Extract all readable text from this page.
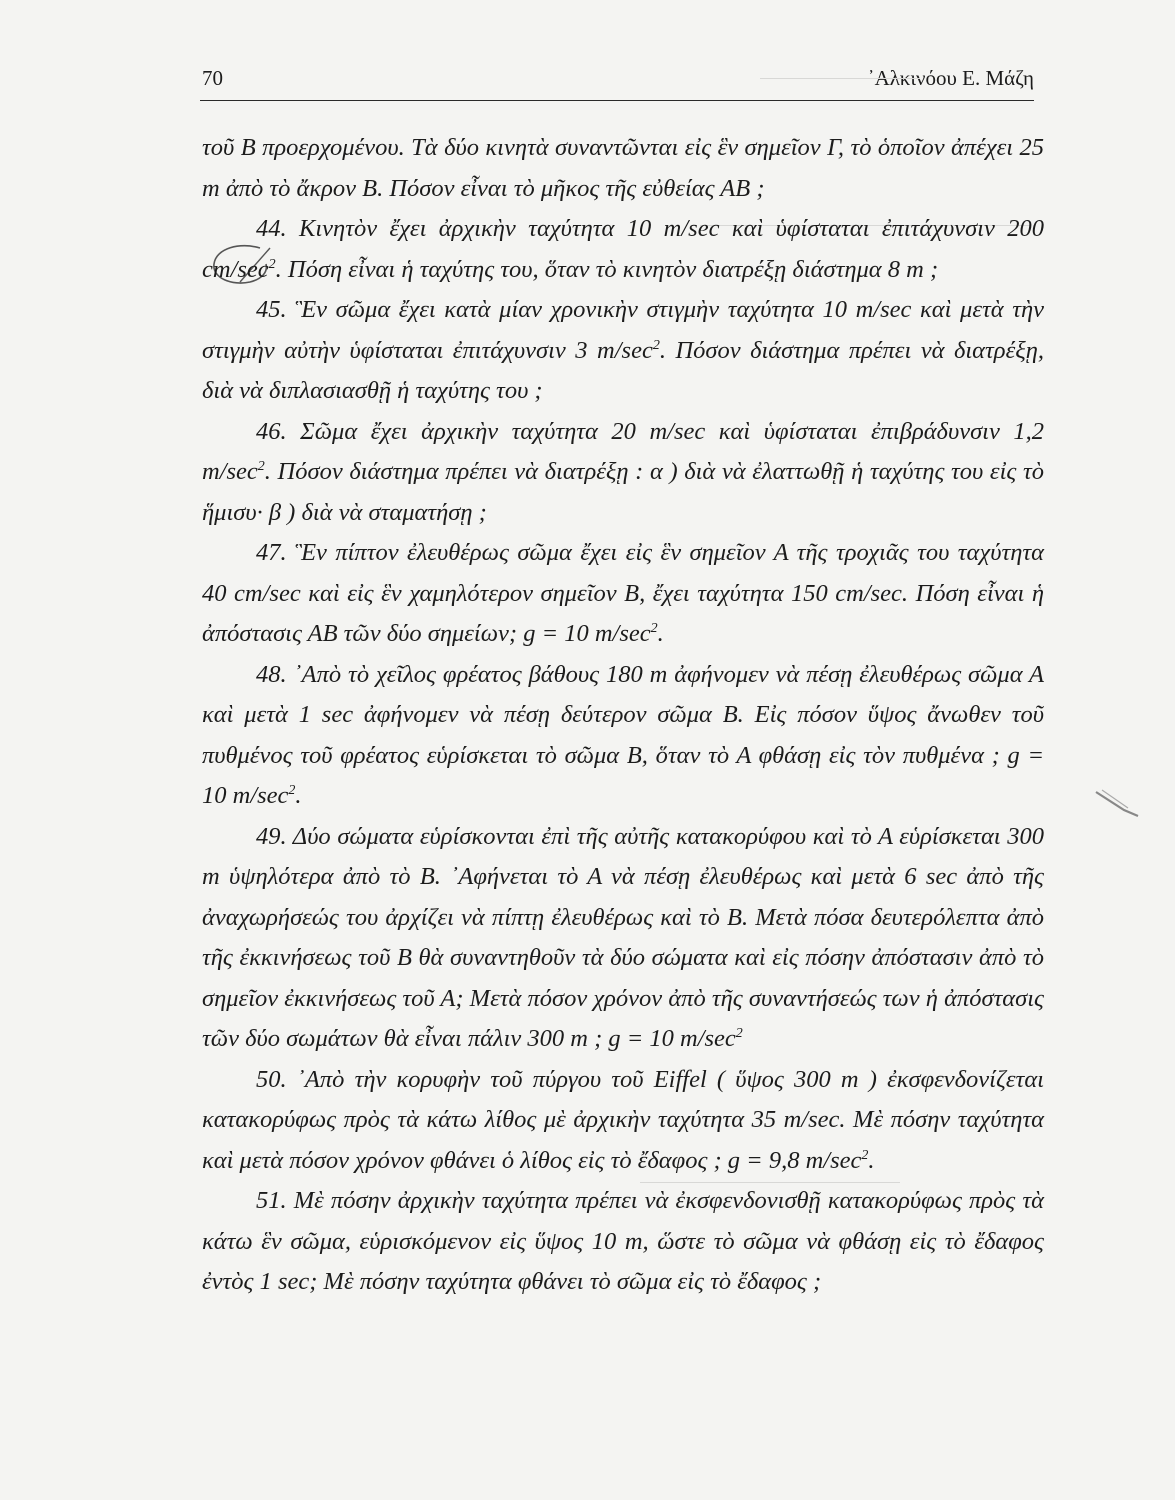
70	᾿Αλκινόου Ε. Μάζη

τοῦ Β προερχομένου. Τὰ δύο κινητὰ συναντῶνται εἰς ἓν σημεῖον Γ, τὸ ὁποῖον ἀπέχει 25 m ἀπὸ τὸ ἄκρον Β. Πόσον εἶναι τὸ μῆκος τῆς εὐθείας ΑΒ ;

44. Κινητὸν ἔχει ἀρχικὴν ταχύτητα 10 m/sec καὶ ὑφίσταται ἐπιτάχυνσιν 200 $cm/\sec^2$. Πόση εἶναι ἡ ταχύτης του, ὅταν τὸ κινητὸν διατρέξῃ διάστημα 8 m ;

45. Ἓν σῶμα ἔχει κατὰ μίαν χρονικὴν στιγμὴν ταχύτητα 10 m/sec καὶ μετὰ τὴν στιγμὴν αὐτὴν ὑφίσταται ἐπιτάχυνσιν 3 $m/\sec^2$. Πόσον διάστημα πρέπει νὰ διατρέξῃ, διὰ νὰ διπλασιασθῇ ἡ ταχύτης του ;

46. Σῶμα ἔχει ἀρχικὴν ταχύτητα 20 m/sec καὶ ὑφίσταται ἐπιβράδυνσιν 1,2 $m/\sec^2$. Πόσον διάστημα πρέπει νὰ διατρέξῃ : α ) διὰ νὰ ἐλαττωθῇ ἡ ταχύτης του εἰς τὸ ἥμισυ· β ) διὰ νὰ σταματήσῃ ;

47. Ἓν πίπτον ἐλευθέρως σῶμα ἔχει εἰς ἓν σημεῖον Α τῆς τροχιᾶς του ταχύτητα 40 cm/sec καὶ εἰς ἓν χαμηλότερον σημεῖον Β, ἔχει ταχύτητα 150 cm/sec. Πόση εἶναι ἡ ἀπόστασις ΑΒ τῶν δύο σημείων; g = 10 $m/\sec^2$.

48. ᾿Απὸ τὸ χεῖλος φρέατος βάθους 180 m ἀφήνομεν νὰ πέσῃ ἐλευθέρως σῶμα Α καὶ μετὰ 1 sec ἀφήνομεν νὰ πέσῃ δεύτερον σῶμα Β. Εἰς πόσον ὕψος ἄνωθεν τοῦ πυθμένος τοῦ φρέατος εὑρίσκεται τὸ σῶμα Β, ὅταν τὸ Α φθάσῃ εἰς τὸν πυθμένα ; g = 10 $m/\sec^2$.

49. Δύο σώματα εὑρίσκονται ἐπὶ τῆς αὐτῆς κατακορύφου καὶ τὸ Α εὑρίσκεται 300 m ὑψηλότερα ἀπὸ τὸ Β. ᾿Αφήνεται τὸ Α νὰ πέσῃ ἐλευθέρως καὶ μετὰ 6 sec ἀπὸ τῆς ἀναχωρήσεώς του ἀρχίζει νὰ πίπτῃ ἐλευθέρως καὶ τὸ Β. Μετὰ πόσα δευτερόλεπτα ἀπὸ τῆς ἐκκινήσεως τοῦ Β θὰ συναντηθοῦν τὰ δύο σώματα καὶ εἰς πόσην ἀπόστασιν ἀπὸ τὸ σημεῖον ἐκκινήσεως τοῦ Α; Μετὰ πόσον χρόνον ἀπὸ τῆς συναντήσεώς των ἡ ἀπόστασις τῶν δύο σωμάτων θὰ εἶναι πάλιν 300 m ; g = 10 $m/\sec^2$

50. ᾿Απὸ τὴν κορυφὴν τοῦ πύργου τοῦ Eiffel ( ὕψος 300 m ) ἐκσφενδονίζεται κατακορύφως πρὸς τὰ κάτω λίθος μὲ ἀρχικὴν ταχύτητα 35 m/sec. Μὲ πόσην ταχύτητα καὶ μετὰ πόσον χρόνον φθάνει ὁ λίθος εἰς τὸ ἔδαφος ; g = 9,8 $m/\sec^2$.

51. Μὲ πόσην ἀρχικὴν ταχύτητα πρέπει νὰ ἐκσφενδονισθῇ κατακορύφως πρὸς τὰ κάτω ἓν σῶμα, εὑρισκόμενον εἰς ὕψος 10 m, ὥστε τὸ σῶμα νὰ φθάσῃ εἰς τὸ ἔδαφος ἐντὸς 1 sec; Μὲ πόσην ταχύτητα φθάνει τὸ σῶμα εἰς τὸ ἔδαφος ;
